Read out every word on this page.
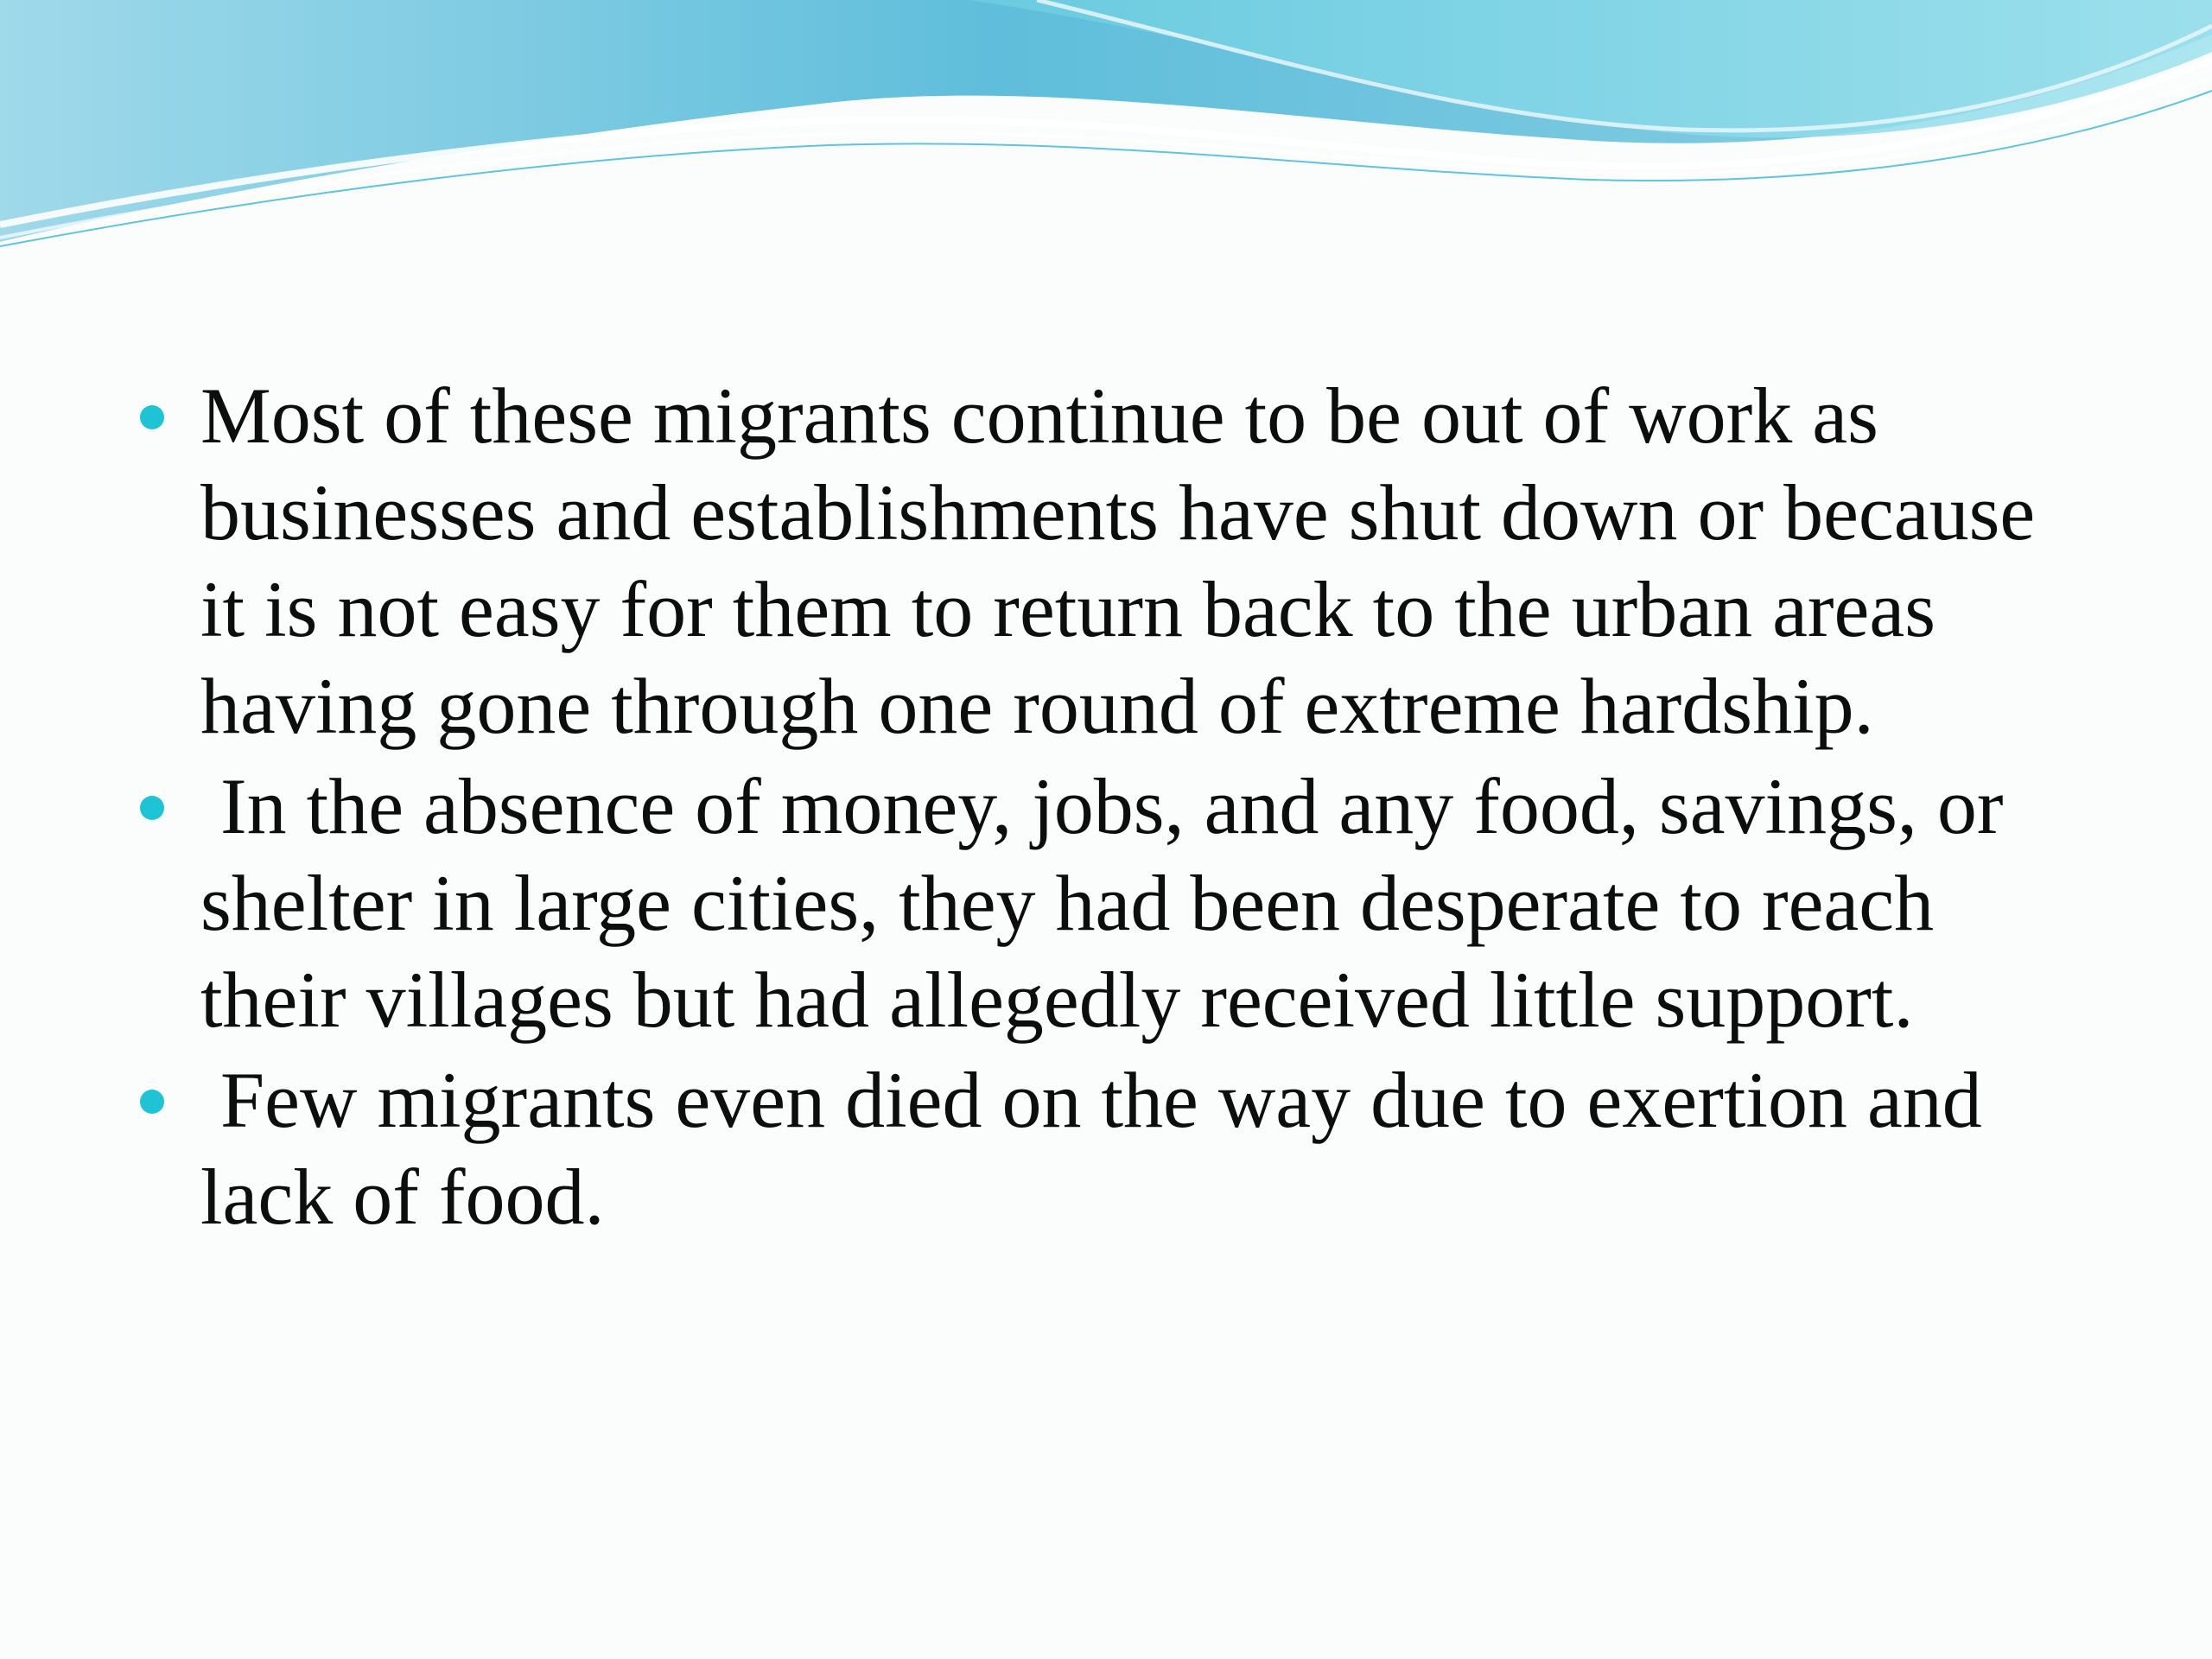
Most of these migrants continue to be out of work as businesses and establishments have shut down or because it is not easy for them to return back to the urban areas having gone through one round of extreme hardship.
In the absence of money, jobs, and any food, savings, or shelter in large cities, they had been desperate to reach their villages but had allegedly received little support.
Few migrants even died on the way due to exertion and lack of food.
